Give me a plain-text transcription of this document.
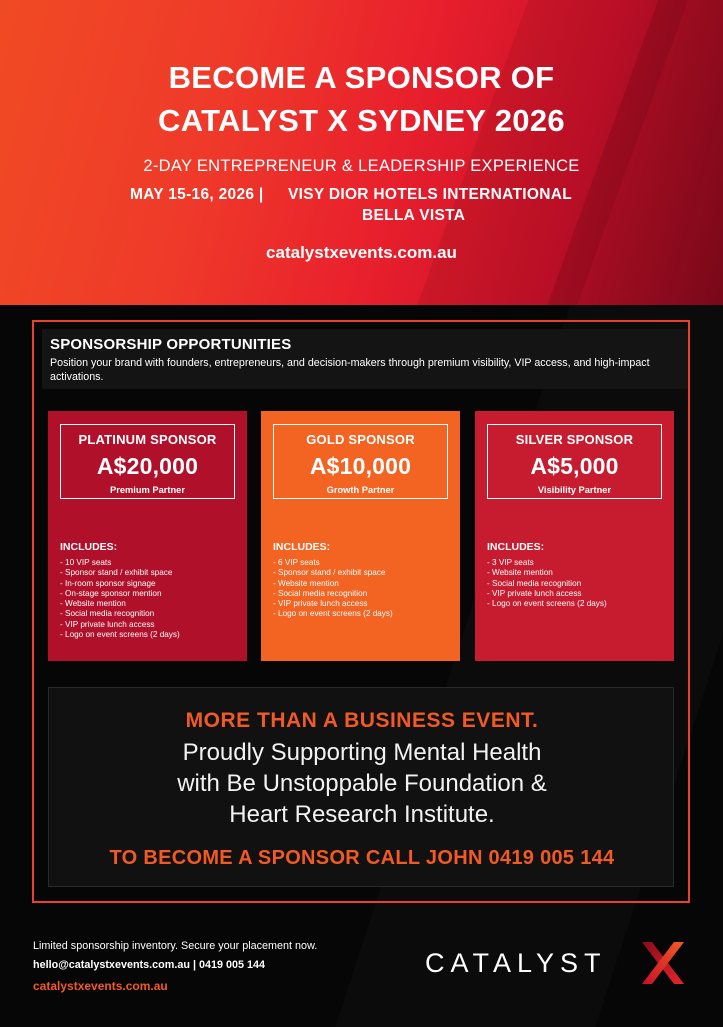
BECOME A SPONSOR OF
CATALYST X SYDNEY 2026
2-DAY ENTREPRENEUR & LEADERSHIP EXPERIENCE
MAY 15-16, 2026 | VISY DIOR HOTELS INTERNATIONAL
BELLA VISTA
catalystxevents.com.au
SPONSORSHIP OPPORTUNITIES
Position your brand with founders, entrepreneurs, and decision-makers through premium visibility, VIP access, and high-impact activations.
PLATINUM SPONSOR
A$20,000
Premium Partner
INCLUDES:
- 10 VIP seats
- Sponsor stand / exhibit space
- In-room sponsor signage
- On-stage sponsor mention
- Website mention
- Social media recognition
- VIP private lunch access
- Logo on event screens (2 days)
GOLD SPONSOR
A$10,000
Growth Partner
INCLUDES:
- 6 VIP seats
- Sponsor stand / exhibit space
- Website mention
- Social media recognition
- VIP private lunch access
- Logo on event screens (2 days)
SILVER SPONSOR
A$5,000
Visibility Partner
INCLUDES:
- 3 VIP seats
- Website mention
- Social media recognition
- VIP private lunch access
- Logo on event screens (2 days)
MORE THAN A BUSINESS EVENT.
Proudly Supporting Mental Health
with Be Unstoppable Foundation &
Heart Research Institute.
TO BECOME A SPONSOR CALL JOHN 0419 005 144
Limited sponsorship inventory. Secure your placement now.
hello@catalystxevents.com.au | 0419 005 144
catalystxevents.com.au
CATALYST
